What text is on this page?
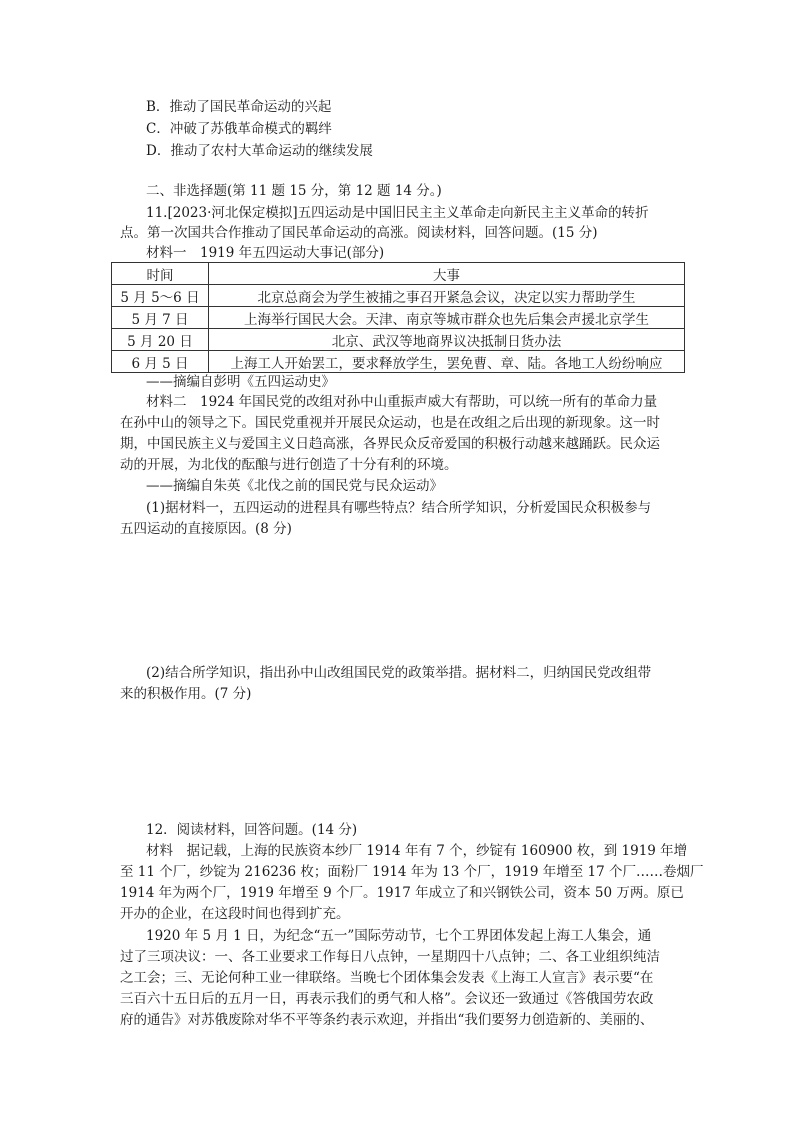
B．推动了国民革命运动的兴起
C．冲破了苏俄革命模式的羁绊
D．推动了农村大革命运动的继续发展
二、非选择题(第 11 题 15 分，第 12 题 14 分。)
11.[2023·河北保定模拟]五四运动是中国旧民主主义革命走向新民主主义革命的转折
点。第一次国共合作推动了国民革命运动的高涨。阅读材料，回答问题。(15 分)
材料一　1919 年五四运动大事记(部分)
时间	大事
5 月 5～6 日	北京总商会为学生被捕之事召开紧急会议，决定以实力帮助学生
5 月 7 日	上海举行国民大会。天津、南京等城市群众也先后集会声援北京学生
5 月 20 日	北京、武汉等地商界议决抵制日货办法
6 月 5 日	上海工人开始罢工，要求释放学生，罢免曹、章、陆。各地工人纷纷响应
——摘编自彭明《五四运动史》
材料二　1924 年国民党的改组对孙中山重振声威大有帮助，可以统一所有的革命力量
在孙中山的领导之下。国民党重视并开展民众运动，也是在改组之后出现的新现象。这一时
期，中国民族主义与爱国主义日趋高涨，各界民众反帝爱国的积极行动越来越踊跃。民众运
动的开展，为北伐的酝酿与进行创造了十分有利的环境。
——摘编自朱英《北伐之前的国民党与民众运动》
(1)据材料一，五四运动的进程具有哪些特点？结合所学知识，分析爱国民众积极参与
五四运动的直接原因。(8 分)
(2)结合所学知识，指出孙中山改组国民党的政策举措。据材料二，归纳国民党改组带
来的积极作用。(7 分)
12．阅读材料，回答问题。(14 分)
材料　据记载，上海的民族资本纱厂 1914 年有 7 个，纱锭有 160900 枚，到 1919 年增
至 11 个厂，纱锭为 216236 枚；面粉厂 1914 年为 13 个厂，1919 年增至 17 个厂……卷烟厂
1914 年为两个厂，1919 年增至 9 个厂。1917 年成立了和兴钢铁公司，资本 50 万两。原已
开办的企业，在这段时间也得到扩充。
1920 年 5 月 1 日，为纪念“五一”国际劳动节，七个工界团体发起上海工人集会，通
过了三项决议：一、各工业要求工作每日八点钟，一星期四十八点钟；二、各工业组织纯洁
之工会；三、无论何种工业一律联络。当晚七个团体集会发表《上海工人宣言》表示要“在
三百六十五日后的五月一日，再表示我们的勇气和人格”。会议还一致通过《答俄国劳农政
府的通告》对苏俄废除对华不平等条约表示欢迎，并指出“我们要努力创造新的、美丽的、
